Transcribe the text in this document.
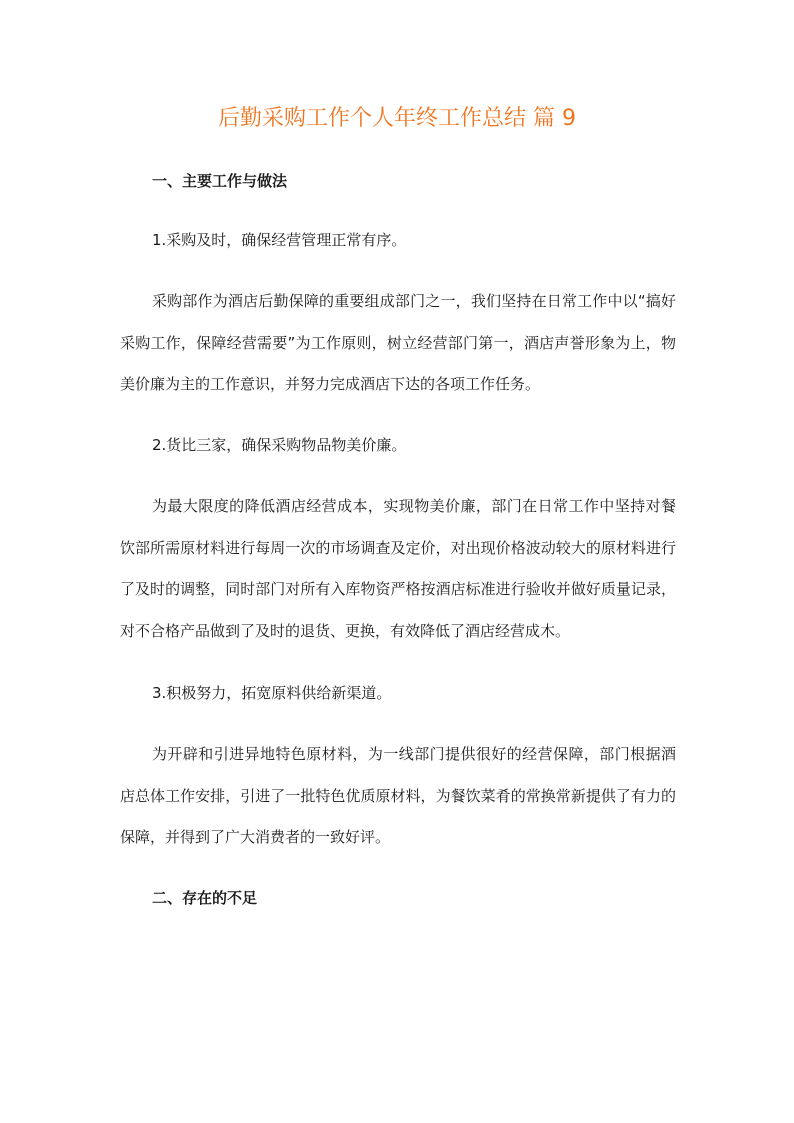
后勤采购工作个人年终工作总结 篇 9
一、主要工作与做法

1.采购及时，确保经营管理正常有序。

采购部作为酒店后勤保障的重要组成部门之一，我们坚持在日常工作中以“搞好采购工作，保障经营需要”为工作原则，树立经营部门第一，酒店声誉形象为上，物美价廉为主的工作意识，并努力完成酒店下达的各项工作任务。

2.货比三家，确保采购物品物美价廉。

为最大限度的降低酒店经营成本，实现物美价廉，部门在日常工作中坚持对餐饮部所需原材料进行每周一次的市场调查及定价，对出现价格波动较大的原材料进行了及时的调整，同时部门对所有入库物资严格按酒店标准进行验收并做好质量记录，对不合格产品做到了及时的退货、更换，有效降低了酒店经营成木。

3.积极努力，拓宽原料供给新渠道。

为开辟和引进异地特色原材料，为一线部门提供很好的经营保障，部门根据酒店总体工作安排，引进了一批特色优质原材料，为餐饮菜肴的常换常新提供了有力的保障，并得到了广大消费者的一致好评。

二、存在的不足
